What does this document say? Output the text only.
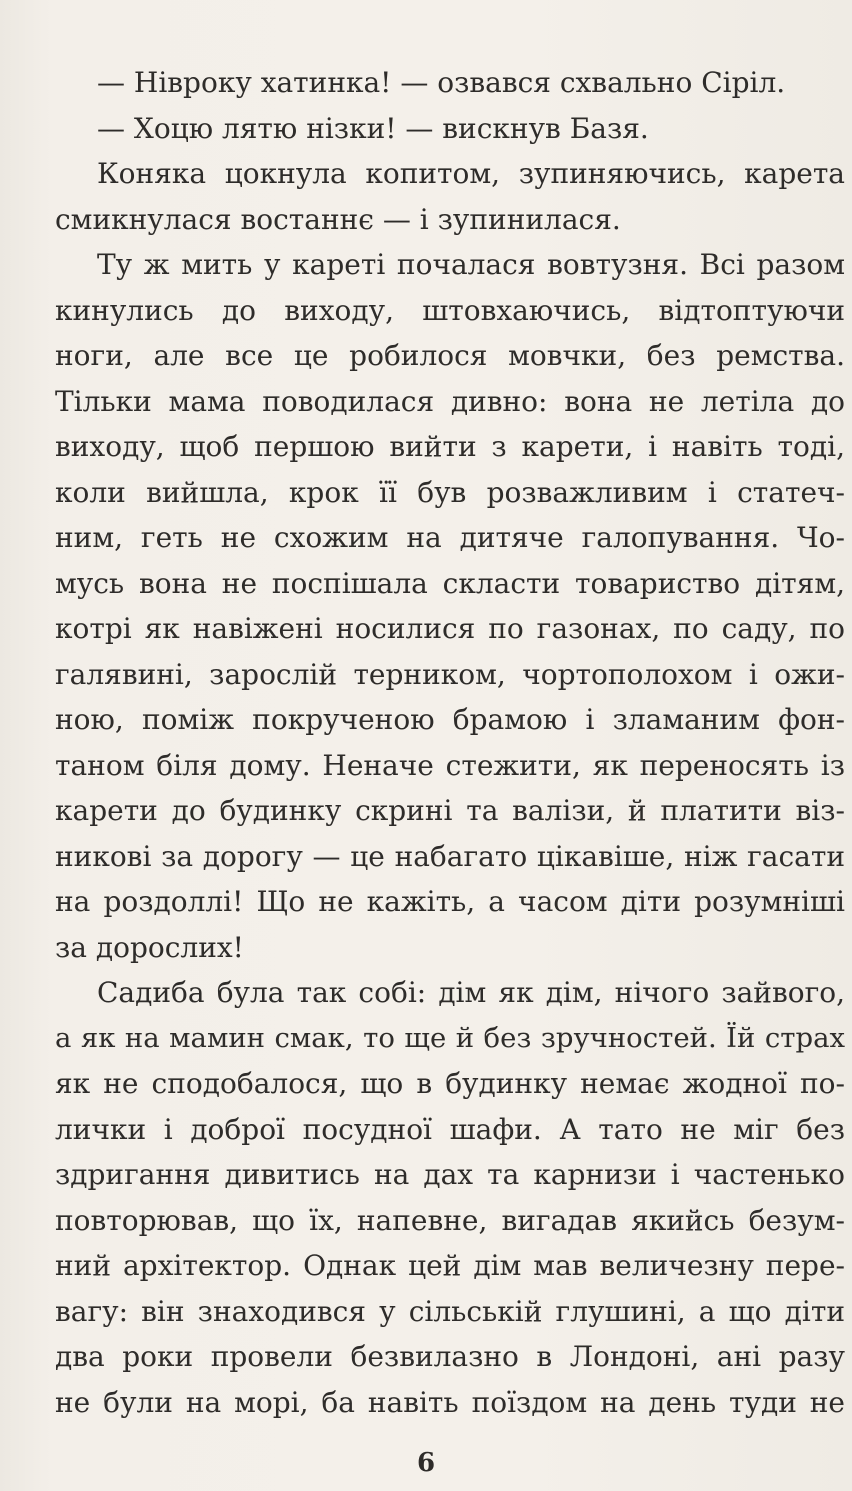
— Нівроку хатинка! — озвався схвально Сіріл.
— Хоцю лятю нізки! — вискнув Базя.
Коняка цокнула копитом, зупиняючись, карета
смикнулася востаннє — і зупинилася.
Ту ж мить у кареті почалася вовтузня. Всі разом
кинулись до виходу, штовхаючись, відтоптуючи
ноги, але все це робилося мовчки, без ремства.
Тільки мама поводилася дивно: вона не летіла до
виходу, щоб першою вийти з карети, і навіть тоді,
коли вийшла, крок її був розважливим і статеч-
ним, геть не схожим на дитяче галопування. Чо-
мусь вона не поспішала скласти товариство дітям,
котрі як навіжені носилися по газонах, по саду, по
галявині, зарослій терником, чортополохом і ожи-
ною, поміж покрученою брамою і зламаним фон-
таном біля дому. Неначе стежити, як переносять із
карети до будинку скрині та валізи, й платити віз-
никові за дорогу — це набагато цікавіше, ніж гасати
на роздоллі! Що не кажіть, а часом діти розумніші
за дорослих!
Садиба була так собі: дім як дім, нічого зайвого,
а як на мамин смак, то ще й без зручностей. Їй страх
як не сподобалося, що в будинку немає жодної по-
лички і доброї посудної шафи. А тато не міг без
здригання дивитись на дах та карнизи і частенько
повторював, що їх, напевне, вигадав якийсь безум-
ний архітектор. Однак цей дім мав величезну пере-
вагу: він знаходився у сільській глушині, а що діти
два роки провели безвилазно в Лондоні, ані разу
не були на морі, ба навіть поїздом на день туди не
6
